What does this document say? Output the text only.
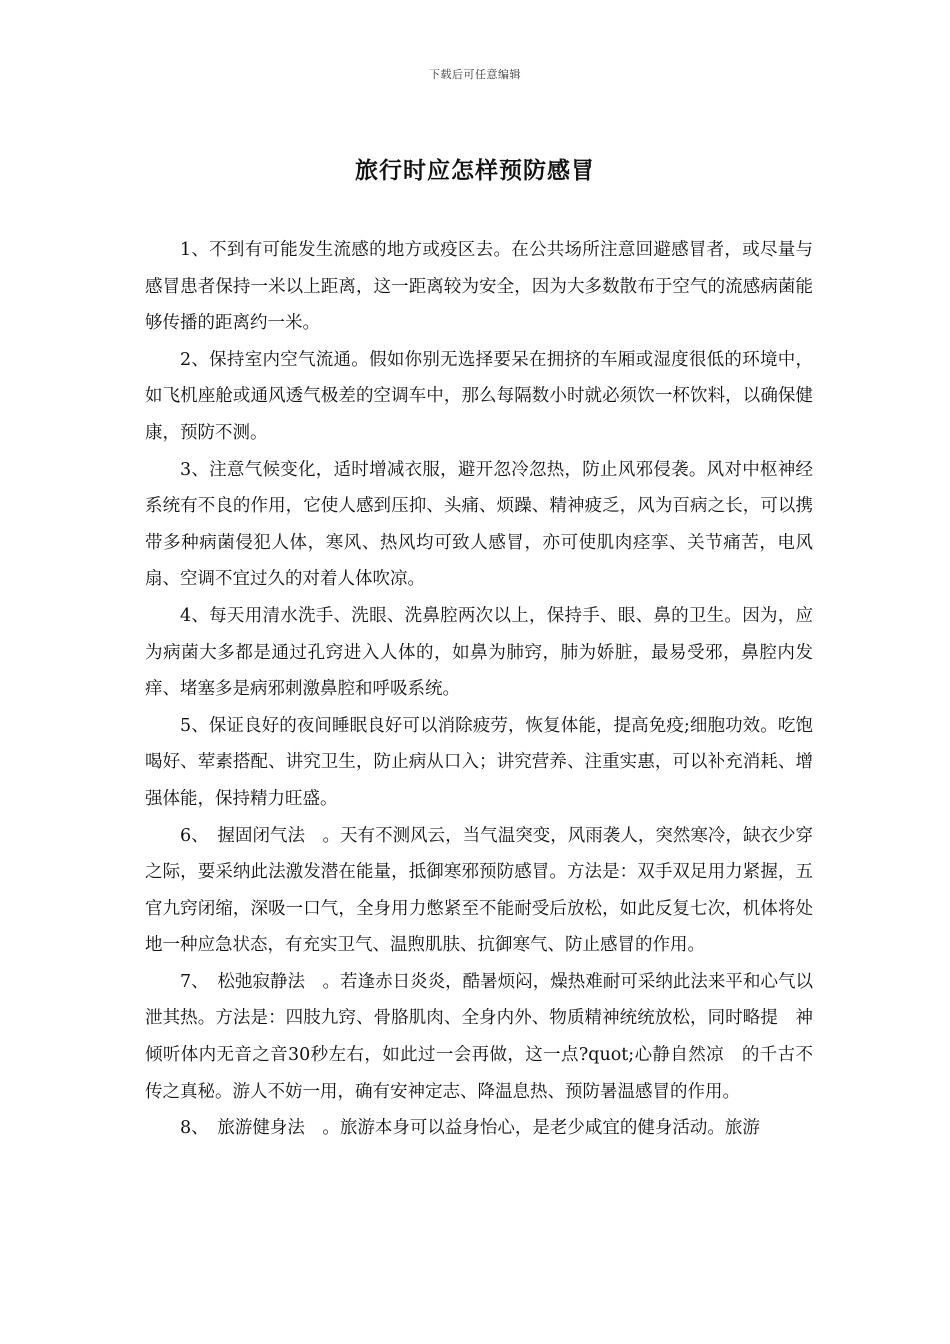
下载后可任意编辑
旅行时应怎样预防感冒

1、不到有可能发生流感的地方或疫区去。在公共场所注意回避感冒者，或尽量与感冒患者保持一米以上距离，这一距离较为安全，因为大多数散布于空气的流感病菌能够传播的距离约一米。

2、保持室内空气流通。假如你别无选择要呆在拥挤的车厢或湿度很低的环境中，如飞机座舱或通风透气极差的空调车中，那么每隔数小时就必须饮一杯饮料，以确保健康，预防不测。

3、注意气候变化，适时增减衣服，避开忽冷忽热，防止风邪侵袭。风对中枢神经系统有不良的作用，它使人感到压抑、头痛、烦躁、精神疲乏，风为百病之长，可以携带多种病菌侵犯人体，寒风、热风均可致人感冒，亦可使肌肉痉挛、关节痛苦，电风扇、空调不宜过久的对着人体吹凉。

4、每天用清水洗手、洗眼、洗鼻腔两次以上，保持手、眼、鼻的卫生。因为，应为病菌大多都是通过孔窍进入人体的，如鼻为肺窍，肺为娇脏，最易受邪，鼻腔内发痒、堵塞多是病邪刺激鼻腔和呼吸系统。

5、保证良好的夜间睡眠良好可以消除疲劳，恢复体能，提高免疫;细胞功效。吃饱喝好、荤素搭配、讲究卫生，防止病从口入；讲究营养、注重实惠，可以补充消耗、增强体能，保持精力旺盛。

6、　握固闭气法　。天有不测风云，当气温突变，风雨袭人，突然寒冷，缺衣少穿之际，要采纳此法激发潜在能量，抵御寒邪预防感冒。方法是：双手双足用力紧握，五官九窍闭缩，深吸一口气，全身用力憋紧至不能耐受后放松，如此反复七次，机体将处地一种应急状态，有充实卫气、温煦肌肤、抗御寒气、防止感冒的作用。

7、　松弛寂静法　。若逢赤日炎炎，酷暑烦闷，燥热难耐可采纳此法来平和心气以泄其热。方法是：四肢九窍、骨胳肌肉、全身内外、物质精神统统放松，同时略提　神　倾听体内无音之音30秒左右，如此过一会再做，这一点?quot;心静自然凉　的千古不传之真秘。游人不妨一用，确有安神定志、降温息热、预防暑温感冒的作用。

8、　旅游健身法　。旅游本身可以益身怡心，是老少咸宜的健身活动。旅游
